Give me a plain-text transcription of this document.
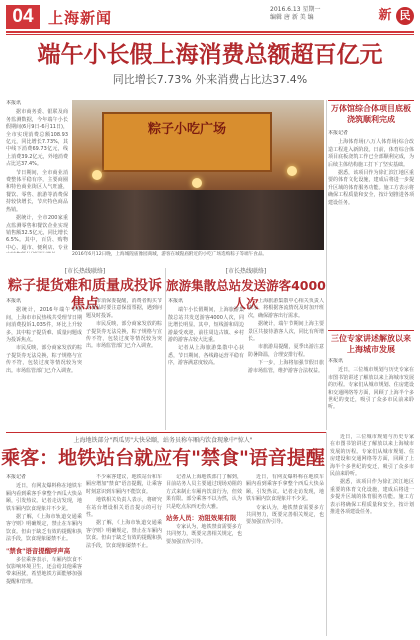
04 上海新闻	2016.6.13 星期一
编辑 唐 新 美 编	新 民
端午小长假上海消费总额超百亿元
同比增长7.73% 外来消费占比达37.4%
本报讯

据市商务委、银联及商务监测数据，今年端午小长假期间(6月9日-6月11日)，全市实现消费总额108.93亿元，同比增长7.73%，其中线下消费69.73亿元，线上消费39.2亿元，外地消费占比达37.4%。

节日期间，全市商业消费整体平稳有序，主要商圈和特色商业街区人气旺盛，餐饮、零售、旅游等消费保持较快增长，节庆特色商品热销。

据统计，全市200家重点监测零售和餐饮企业实现销售额32.5亿元，同比增长6.5%。其中，百货、购物中心、超市、便利店、专业

粽子小吃广场
2016年6月12日晚，上海城隍庙豫园商城，游客在城隍庙附近的小吃广场选购粽子等端午食品。
万体馆综合体项目底板浇筑顺利完成
本报记者

上海体育场(八万人体育场)综合改造工程进入新阶段。日前，体育综合体项目底板浇筑工作已全部顺利完成，为后续主体结构施工打下了坚实基础。

据悉，该项目作为徐汇滨江地区重要的体育文化设施，建成后将进一步提升区域的体育服务功能。施工方表示将确保工程质量和安全，按计划推进各项建设任务。

三位专家讲述解放以来上海城市发展
本报讯

近日，三位城市规划与历史专家在市图书馆讲述了解放以来上海城市发展的历程。专家们从城市规划、住房建设和交通网络等方面，回顾了上海半个多世纪的变迁，吸引了众多市民前来聆听。

[市长热线联络]
粽子提货难和质量成投诉焦点
本报讯

据统计，2016年端午节期间，上海市市民热线共受理节日期间消费投诉1,035件，环比上升较多，其中粽子提货难、质量问题成为投诉焦点。

市民反映，部分商家发放的粽子提货券无法兑换，粽子规格与宣传不符，包装过度等情况较为突出。市场监管部门已介入调查。

市消保委提醒，消费者购买节令食品时要注意保留票据，遇到问题及时投诉。

市民反映，部分商家发放的粽子提货券无法兑换，粽子规格与宣传不符，包装过度等情况较为突出。市场监管部门已介入调查。

[市长热线联络]
旅游集散总站发送游客4000人次
本报讯

端午小长假期间，上海旅游集散总站共发送游客4000人次，同比增长明显。其中，短线游和周边游最受欢迎，前往周边古镇、乡村游的游客占较大比重。

记者从上海旅游集散中心获悉，节日期间，各线路运营平稳有序，游客满意度较高。

上海旅游集散中心相关负责人表示，将根据客流情况及时加开班次，确保游客出行需求。

据统计，端午节期间上海主要景区共接待游客人次，同比有所增长。

市旅游局提醒，夏季出游注意防暑降温，合理安排行程。

下一步，上海将加强节假日旅游市场监管，维护游客合法权益。

上海地铁部分"西瓜男"大快朵颐，站务员称车厢内饮食现象中"惊人"
乘客：地铁站台就应有"禁食"语音提醒
本报记者

近日，有网友爆料称在地铁车厢内看到乘客手拿整个西瓜大快朵颐，引发热议。记者走访发现，地铁车厢内饮食现象并不少见。

据了解，《上海市轨道交通乘客守则》明确规定，禁止在车厢内饮食。但由于缺乏有效的提醒和执法手段，饮食现象屡禁不止。

"禁食"语音提醒呼声高

多位乘客表示，车厢内饮食不仅影响环境卫生，还会给其他乘客带来困扰，希望地铁方面能够加强提醒和管理。

不少乘客建议，地铁站台和车厢应增加"禁食"语音提醒，让乘客时刻意识到车厢内不能饮食。

地铁相关负责人表示，将研究在站台增设相关语音提示的可行性。

据了解，《上海市轨道交通乘客守则》明确规定，禁止在车厢内饮食。但由于缺乏有效的提醒和执法手段，饮食现象屡禁不止。

记者从上海地铁部门了解到，目前站务人员主要通过现场劝阻的方式来制止车厢内饮食行为，但效果有限。部分乘客不以为然，认为只是吃点东西无伤大雅。

站务人员：劝阻效果有限

专家认为，地铁禁食需要多方共同努力，既要完善相关规定，也要加强宣传引导。

近日，有网友爆料称在地铁车厢内看到乘客手拿整个西瓜大快朵颐，引发热议。记者走访发现，地铁车厢内饮食现象并不少见。

专家认为，地铁禁食需要多方共同努力，既要完善相关规定，也要加强宣传引导。

近日，三位城市规划与历史专家在市图书馆讲述了解放以来上海城市发展的历程。专家们从城市规划、住房建设和交通网络等方面，回顾了上海半个多世纪的变迁，吸引了众多市民前来聆听。

据悉，该项目作为徐汇滨江地区重要的体育文化设施，建成后将进一步提升区域的体育服务功能。施工方表示将确保工程质量和安全，按计划推进各项建设任务。
